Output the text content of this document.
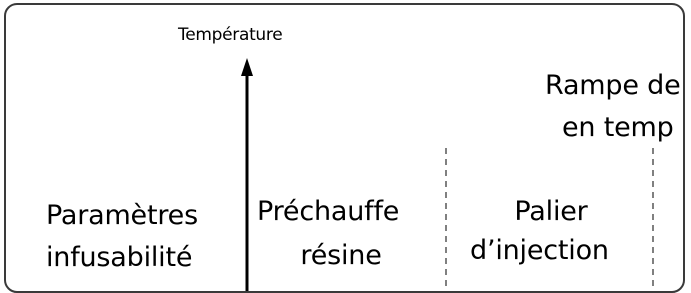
Température
Paramètres
infusabilité
Préchauffe
résine
Palier
d’injection
Rampe de
en temp
